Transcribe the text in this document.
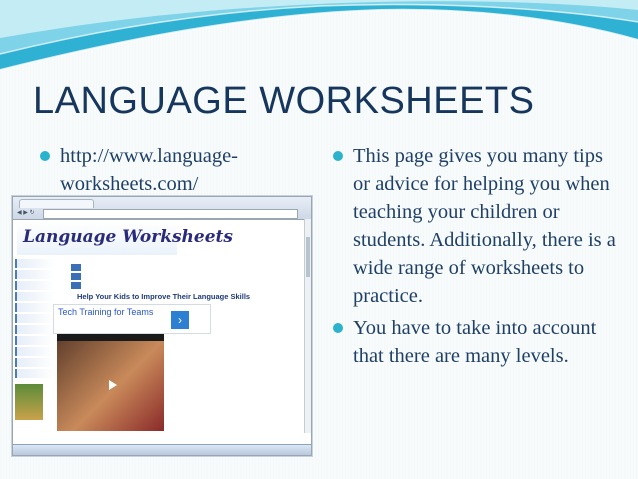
LANGUAGE WORKSHEETS
http://www.language-worksheets.com/
◀ ▶ ↻
Language Worksheets
Help Your Kids to Improve Their Language Skills
Tech Training for Teams
›
This page gives you many tips or advice for helping you when teaching your children or students. Additionally, there is a wide range of worksheets to practice.
You have to take into account that there are many levels.
